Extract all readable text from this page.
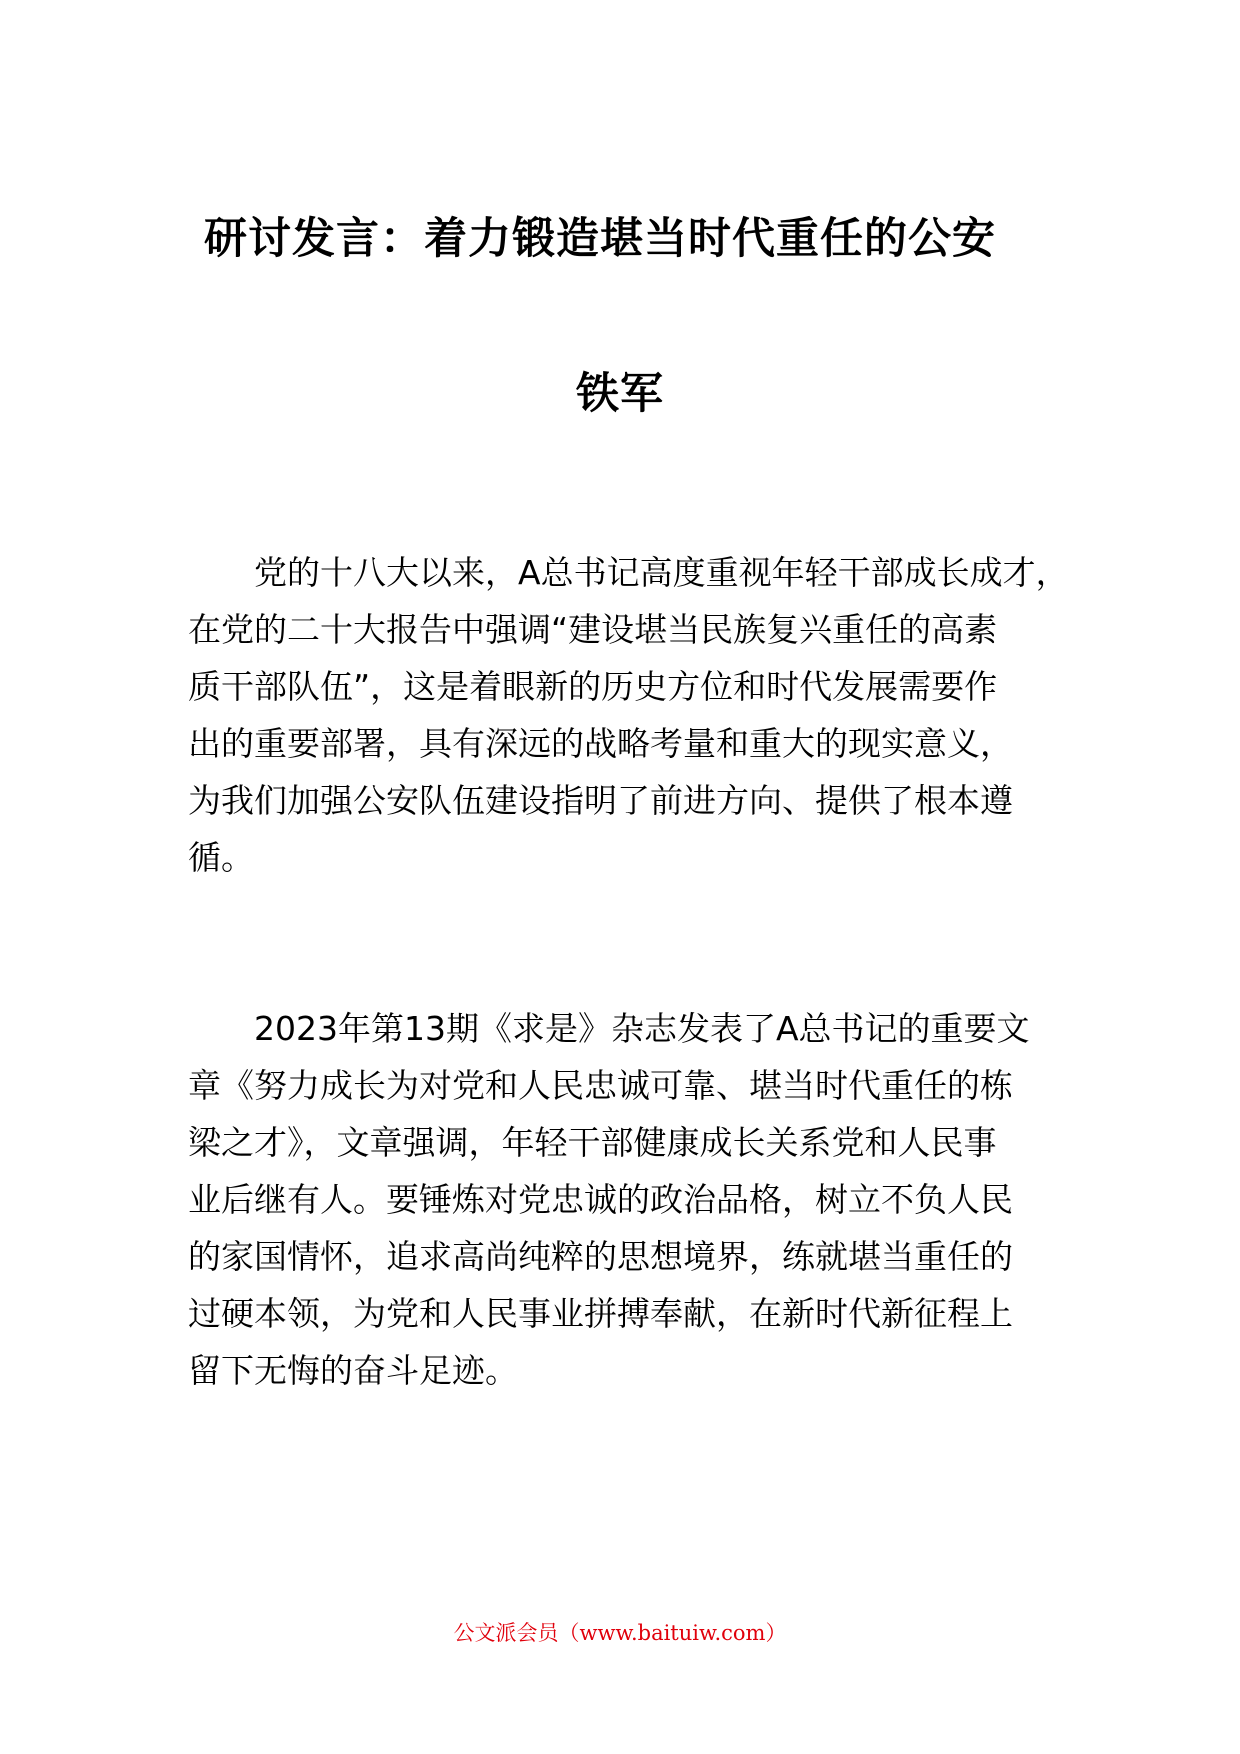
研讨发言：着力锻造堪当时代重任的公安
铁军
　　党的十八大以来，A总书记高度重视年轻干部成长成才，
在党的二十大报告中强调“建设堪当民族复兴重任的高素
质干部队伍”，这是着眼新的历史方位和时代发展需要作
出的重要部署，具有深远的战略考量和重大的现实意义，
为我们加强公安队伍建设指明了前进方向、提供了根本遵
循。
　　2023年第13期《求是》杂志发表了A总书记的重要文
章《努力成长为对党和人民忠诚可靠、堪当时代重任的栋
梁之才》，文章强调，年轻干部健康成长关系党和人民事
业后继有人。要锤炼对党忠诚的政治品格，树立不负人民
的家国情怀，追求高尚纯粹的思想境界，练就堪当重任的
过硬本领，为党和人民事业拼搏奉献，在新时代新征程上
留下无悔的奋斗足迹。
公文派会员（www.baituiw.com）
